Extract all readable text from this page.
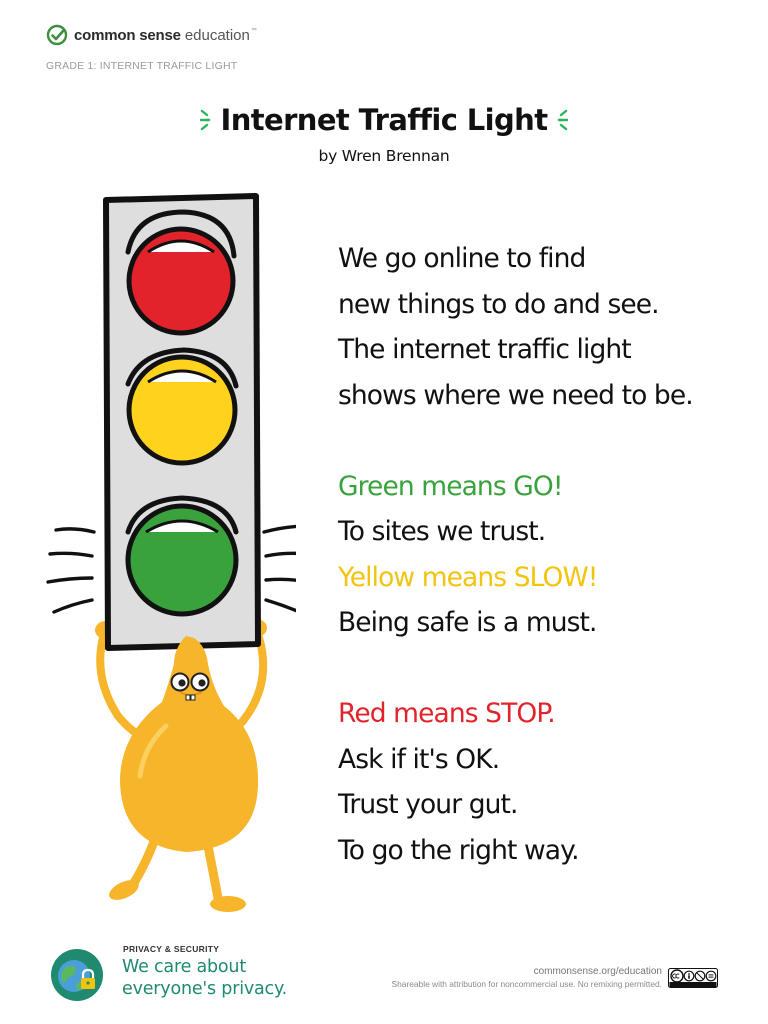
common sense education ™
GRADE 1: INTERNET TRAFFIC LIGHT
Internet Traffic Light
by Wren Brennan
We go online to find
new things to do and see.
The internet traffic light
shows where we need to be.
Green means GO!
To sites we trust.
Yellow means SLOW!
Being safe is a must.
Red means STOP.
Ask if it's OK.
Trust your gut.
To go the right way.
PRIVACY & SECURITY
We care about
everyone's privacy.
commonsense.org/education
Shareable with attribution for noncommercial use. No remixing permitted.
